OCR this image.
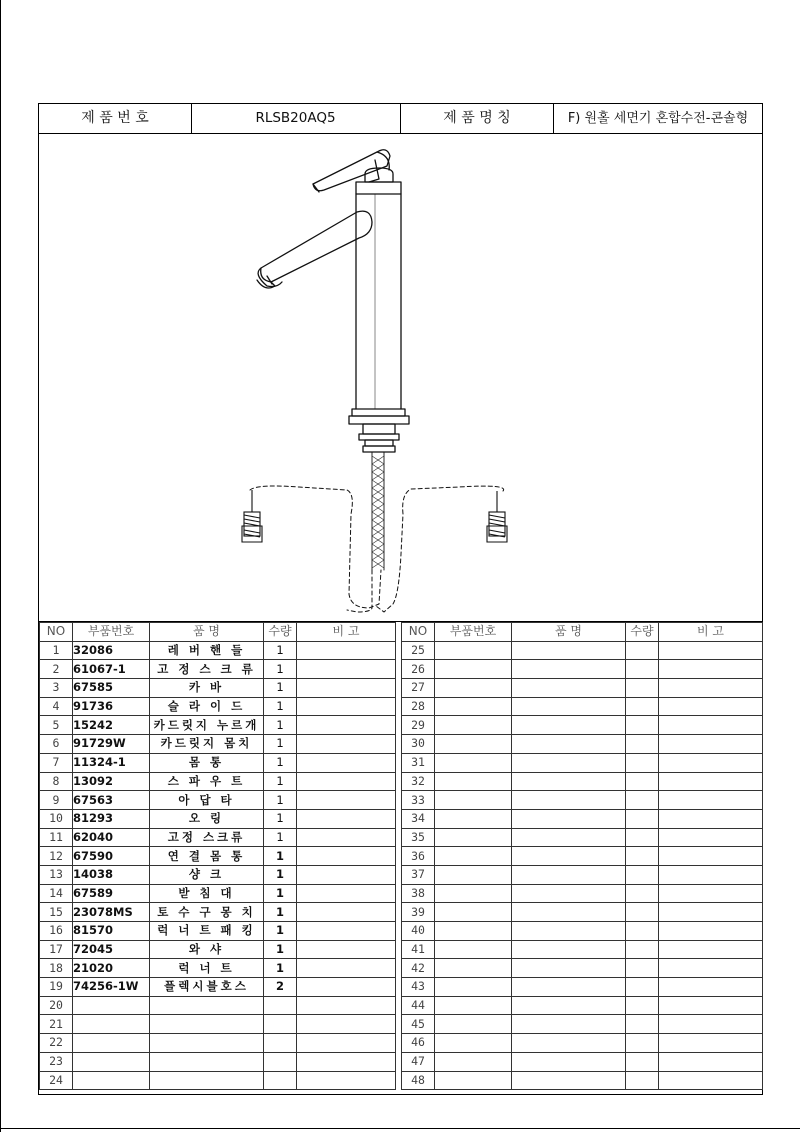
제 품 번 호	RLSB20AQ5	제 품 명 칭	F) 원홀 세면기 혼합수전-콘솔형
NO	부품번호	품 명	수량	비 고
1	32086	레 버 핸 들	1	
2	61067-1	고 정 스 크 류	1	
3	67585	카 바	1	
4	91736	슬 라 이 드	1	
5	15242	카드릿지 누르개	1	
6	91729W	카드릿지 몸치	1	
7	11324-1	몸 통	1	
8	13092	스 파 우 트	1	
9	67563	아 답 타	1	
10	81293	오 링	1	
11	62040	고정 스크류	1	
12	67590	연 결 몸 통	1	
13	14038	샹 크	1	
14	67589	받 침 대	1	
15	23078MS	토 수 구 몽 치	1	
16	81570	럭 너 트 패 킹	1	
17	72045	와 샤	1	
18	21020	럭 너 트	1	
19	74256-1W	플렉시블호스	2	
20				
21				
22				
23				
24				
NO	부품번호	품 명	수량	비 고
25				
26				
27				
28				
29				
30				
31				
32				
33				
34				
35				
36				
37				
38				
39				
40				
41				
42				
43				
44				
45				
46				
47				
48				
